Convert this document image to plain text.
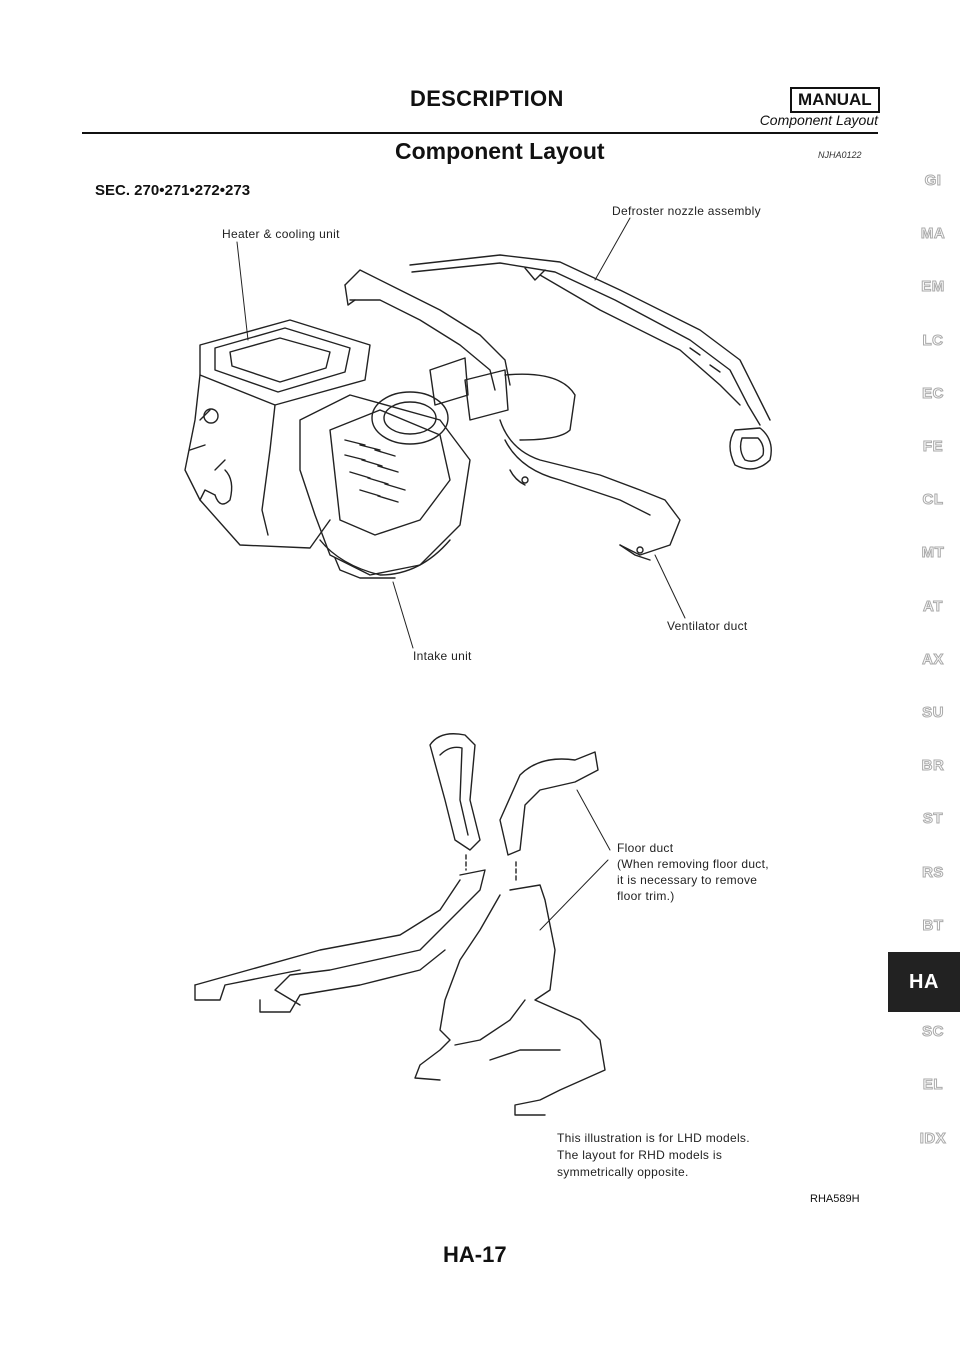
DESCRIPTION	MANUAL
Component Layout
Component Layout	NJHA0122
SEC. 270•271•272•273
Heater & cooling unit
Defroster nozzle assembly
Ventilator duct
Intake unit
Floor duct
(When removing floor duct,
it is necessary to remove
floor trim.)
This illustration is for LHD models.
The layout for RHD models is
symmetrically opposite.
RHA589H
HA-17
GI
MA
EM
LC
EC
FE
CL
MT
AT
AX
SU
BR
ST
RS
BT
HA
SC
EL
IDX
